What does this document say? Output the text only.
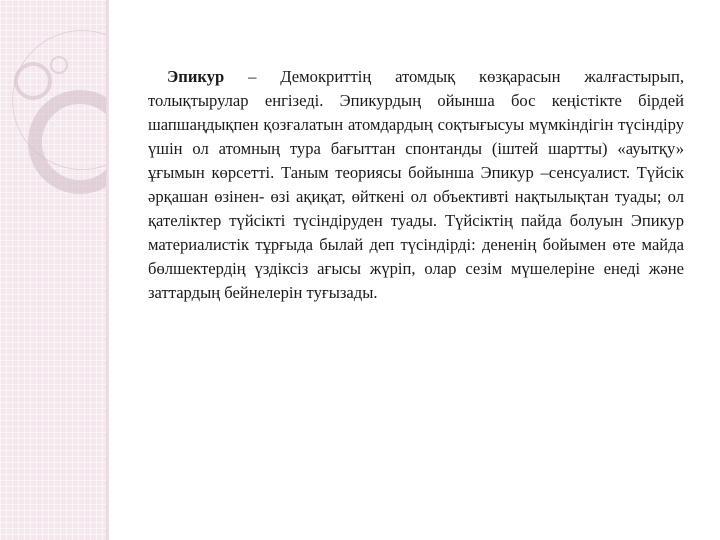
Эпикур – Демокриттің атомдық көзқарасын жалғастырып, толықтырулар енгізеді. Эпикурдың ойынша бос кеңістікте бірдей шапшаңдықпен қозғалатын атомдардың соқтығысуы мүмкіндігін түсіндіру үшін ол атомның тура бағыттан спонтанды (іштей шартты) «ауытқу» ұғымын көрсетті. Таным теориясы бойынша Эпикур –сенсуалист. Түйсік әрқашан өзінен- өзі ақиқат, өйткені ол объективті нақтылықтан туады; ол қателіктер түйсікті түсіндіруден туады. Түйсіктің пайда болуын Эпикур материалистік тұрғыда былай деп түсіндірді: дененің бойымен өте майда бөлшектердің үздіксіз ағысы жүріп, олар сезім мүшелеріне енеді және заттардың бейнелерін туғызады.
